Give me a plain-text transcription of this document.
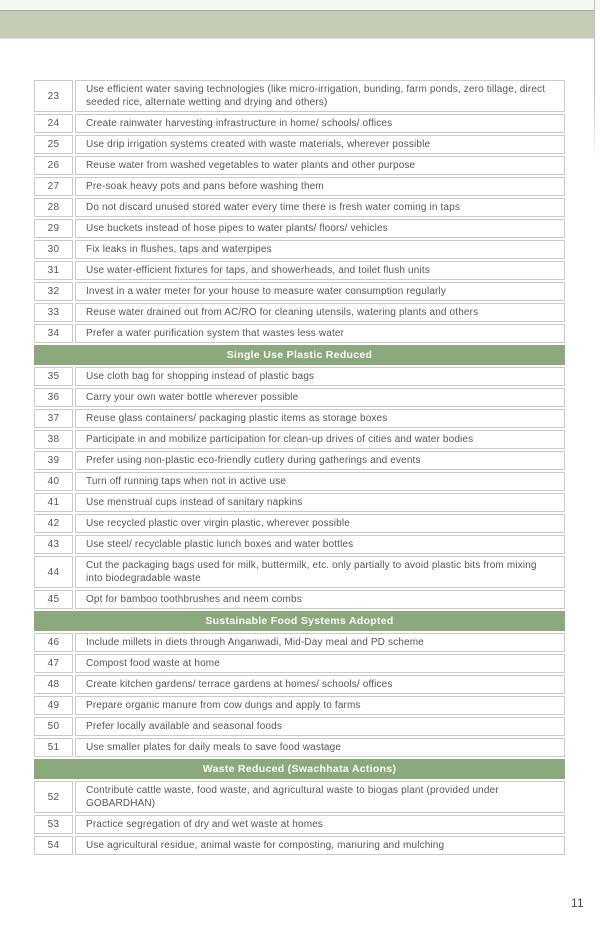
23	Use efficient water saving technologies (like micro-irrigation, bunding, farm ponds, zero tillage, direct seeded rice, alternate wetting and drying and others)
24	Create rainwater harvesting infrastructure in home/ schools/ offices
25	Use drip irrigation systems created with waste materials, wherever possible
26	Reuse water from washed vegetables to water plants and other purpose
27	Pre-soak heavy pots and pans before washing them
28	Do not discard unused stored water every time there is fresh water coming in taps
29	Use buckets instead of hose pipes to water plants/ floors/ vehicles
30	Fix leaks in flushes, taps and waterpipes
31	Use water-efficient fixtures for taps, and showerheads, and toilet flush units
32	Invest in a water meter for your house to measure water consumption regularly
33	Reuse water drained out from AC/RO for cleaning utensils, watering plants and others
34	Prefer a water purification system that wastes less water
Single Use Plastic Reduced	
35	Use cloth bag for shopping instead of plastic bags
36	Carry your own water bottle wherever possible
37	Reuse glass containers/ packaging plastic items as storage boxes
38	Participate in and mobilize participation for clean-up drives of cities and water bodies
39	Prefer using non-plastic eco-friendly cutlery during gatherings and events
40	Turn off running taps when not in active use
41	Use menstrual cups instead of sanitary napkins
42	Use recycled plastic over virgin plastic, wherever possible
43	Use steel/ recyclable plastic lunch boxes and water bottles
44	Cut the packaging bags used for milk, buttermilk, etc. only partially to avoid plastic bits from mixing into biodegradable waste
45	Opt for bamboo toothbrushes and neem combs
Sustainable Food Systems Adopted	
46	Include millets in diets through Anganwadi, Mid-Day meal and PD scheme
47	Compost food waste at home
48	Create kitchen gardens/ terrace gardens at homes/ schools/ offices
49	Prepare organic manure from cow dungs and apply to farms
50	Prefer locally available and seasonal foods
51	Use smaller plates for daily meals to save food wastage
Waste Reduced (Swachhata Actions)	
52	Contribute cattle waste, food waste, and agricultural waste to biogas plant (provided under GOBARDHAN)
53	Practice segregation of dry and wet waste at homes
54	Use agricultural residue, animal waste for composting, manuring and mulching
11
